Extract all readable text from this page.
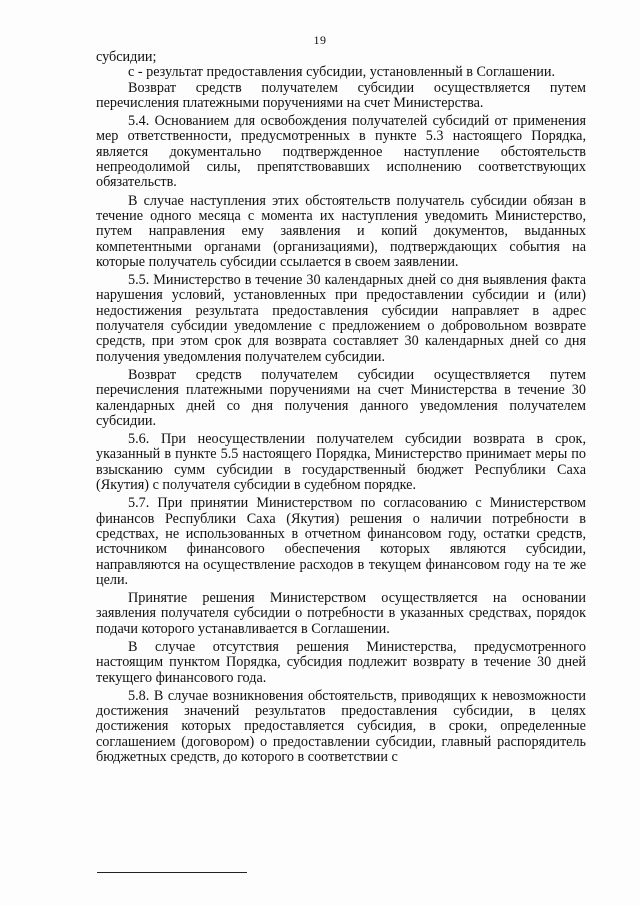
19

субсидии;

с - результат предоставления субсидии, установленный в Соглашении.

Возврат средств получателем субсидии осуществляется путем перечисления платежными поручениями на счет Министерства.

5.4. Основанием для освобождения получателей субсидий от применения мер ответственности, предусмотренных в пункте 5.3 настоящего Порядка, является документально подтвержденное наступление обстоятельств непреодолимой силы, препятствовавших исполнению соответствующих обязательств.

В случае наступления этих обстоятельств получатель субсидии обязан в течение одного месяца с момента их наступления уведомить Министерство, путем направления ему заявления и копий документов, выданных компетентными органами (организациями), подтверждающих события на которые получатель субсидии ссылается в своем заявлении.

5.5. Министерство в течение 30 календарных дней со дня выявления факта нарушения условий, установленных при предоставлении субсидии и (или) недостижения результата предоставления субсидии направляет в адрес получателя субсидии уведомление с предложением о добровольном возврате средств, при этом срок для возврата составляет 30 календарных дней со дня получения уведомления получателем субсидии.

Возврат средств получателем субсидии осуществляется путем перечисления платежными поручениями на счет Министерства в течение 30 календарных дней со дня получения данного уведомления получателем субсидии.

5.6. При неосуществлении получателем субсидии возврата в срок, указанный в пункте 5.5 настоящего Порядка, Министерство принимает меры по взысканию сумм субсидии в государственный бюджет Республики Саха (Якутия) с получателя субсидии в судебном порядке.

5.7. При принятии Министерством по согласованию с Министерством финансов Республики Саха (Якутия) решения о наличии потребности в средствах, не использованных в отчетном финансовом году, остатки средств, источником финансового обеспечения которых являются субсидии, направляются на осуществление расходов в текущем финансовом году на те же цели.

Принятие решения Министерством осуществляется на основании заявления получателя субсидии о потребности в указанных средствах, порядок подачи которого устанавливается в Соглашении.

В случае отсутствия решения Министерства, предусмотренного настоящим пунктом Порядка, субсидия подлежит возврату в течение 30 дней текущего финансового года.

5.8. В случае возникновения обстоятельств, приводящих к невозможности достижения значений результатов предоставления субсидии, в целях достижения которых предоставляется субсидия, в сроки, определенные соглашением (договором) о предоставлении субсидии, главный распорядитель бюджетных средств, до которого в соответствии с
